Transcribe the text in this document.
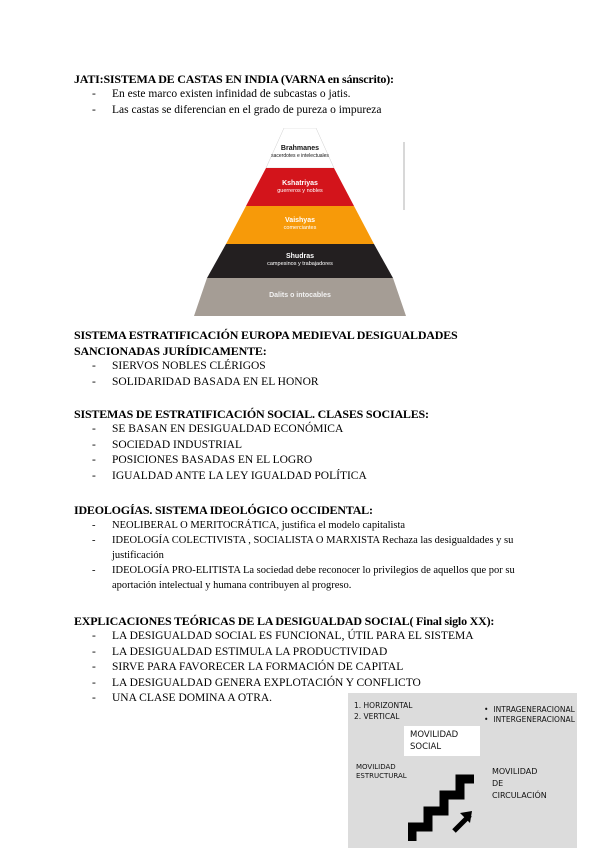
JATI:SISTEMA DE CASTAS EN INDIA (VARNA en sánscrito):
- En este marco existen infinidad de subcastas o jatis.
- Las castas se diferencian en el grado de pureza o impureza
Brahmanes
sacerdotes e intelectuales
Kshatriyas
guerreros y nobles
Vaishyas
comerciantes
Shudras
campesinos y trabajadores
Dalits o intocables
SISTEMA ESTRATIFICACIÓN EUROPA MEDIEVAL DESIGUALDADES
SANCIONADAS JURÍDICAMENTE:
- SIERVOS NOBLES CLÉRIGOS
- SOLIDARIDAD BASADA EN EL HONOR
SISTEMAS DE ESTRATIFICACIÓN SOCIAL. CLASES SOCIALES:
- SE BASAN EN DESIGUALDAD ECONÓMICA
- SOCIEDAD INDUSTRIAL
- POSICIONES BASADAS EN EL LOGRO
- IGUALDAD ANTE LA LEY IGUALDAD POLÍTICA
IDEOLOGÍAS. SISTEMA IDEOLÓGICO OCCIDENTAL:
- NEOLIBERAL O MERITOCRÁTICA, justifica el modelo capitalista
- IDEOLOGÍA COLECTIVISTA , SOCIALISTA O MARXISTA Rechaza las desigualdades y su justificación
- IDEOLOGÍA PRO-ELITISTA La sociedad debe reconocer lo privilegios de aquellos que por su aportación intelectual y humana contribuyen al progreso.
EXPLICACIONES TEÓRICAS DE LA DESIGUALDAD SOCIAL( Final siglo XX):
- LA DESIGUALDAD SOCIAL ES FUNCIONAL, ÚTIL PARA EL SISTEMA
- LA DESIGUALDAD ESTIMULA LA PRODUCTIVIDAD
- SIRVE PARA FAVORECER LA FORMACIÓN DE CAPITAL
- LA DESIGUALDAD GENERA EXPLOTACIÓN Y CONFLICTO
- UNA CLASE DOMINA A OTRA.
1. HORIZONTAL
2. VERTICAL
• INTRAGENERACIONAL
• INTERGENERACIONAL
MOVILIDAD
SOCIAL
MOVILIDAD
ESTRUCTURAL	MOVILIDAD
DE
CIRCULACIÓN
